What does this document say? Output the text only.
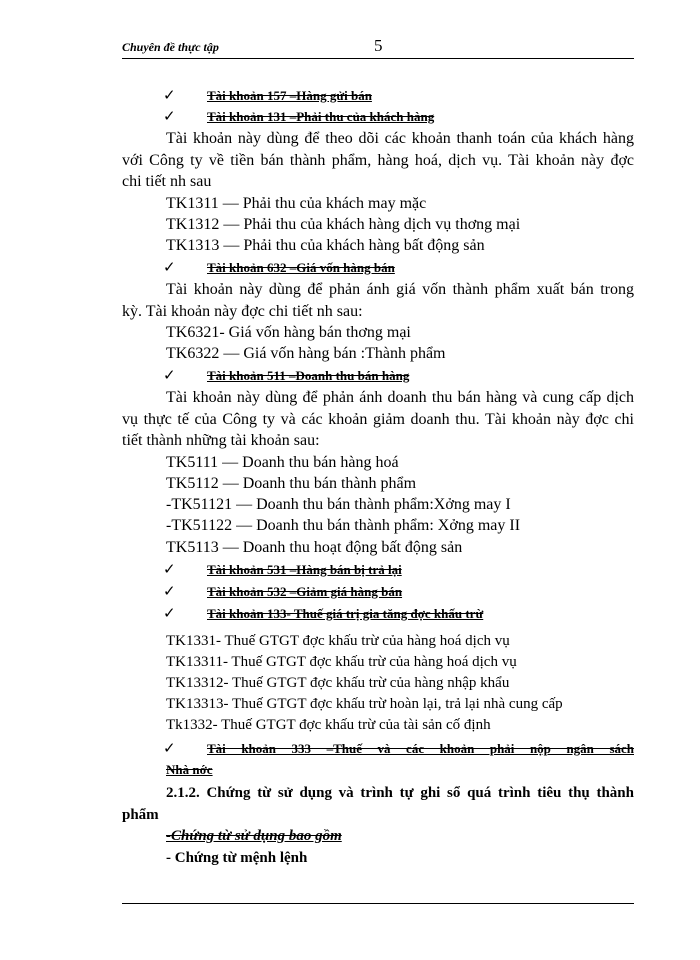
Chuyên đề thực tập	5
✓
✓
✓
✓
✓
✓
✓
✓
Tài khoản 157 –Hàng gửi bán
Tài khoản 131 –Phải thu của khách hàng
Tài khoản này dùng để theo dõi các khoản thanh toán của khách hàng
với Công ty về tiền bán thành phẩm, hàng hoá, dịch vụ. Tài khoản này đợc
chi tiết nh sau
TK1311 — Phải thu của khách may mặc
TK1312 — Phải thu của khách hàng dịch vụ thơng mại
TK1313 — Phải thu của khách hàng bất động sản
Tài khoản 632 –Giá vốn hàng bán
Tài khoản này dùng để phản ánh giá vốn thành phẩm xuất bán trong
kỳ. Tài khoản này đợc chi tiết nh sau:
TK6321- Giá vốn hàng bán thơng mại
TK6322 — Giá vốn hàng bán :Thành phẩm
Tài khoản 511 –Doanh thu bán hàng
Tài khoản này dùng để phản ánh doanh thu bán hàng và cung cấp dịch
vụ thực tế của Công ty và các khoản giảm doanh thu. Tài khoản này đợc chi
tiết thành những tài khoản sau:
TK5111 — Doanh thu bán hàng hoá
TK5112 — Doanh thu bán thành phẩm
-TK51121 — Doanh thu bán thành phẩm:Xởng may I
-TK51122 — Doanh thu bán thành phẩm: Xởng may II
TK5113 — Doanh thu hoạt động bất động sản
Tài khoản 531 –Hàng bán bị trả lại
Tài khoản 532 –Giảm giá hàng bán
Tài khoản 133- Thuế giá trị gia tăng đợc khấu trừ
TK1331- Thuế GTGT đợc khấu trừ của hàng hoá dịch vụ
TK13311- Thuế GTGT đợc khấu trừ của hàng hoá dịch vụ
TK13312- Thuế GTGT đợc khấu trừ của hàng nhập khẩu
TK13313- Thuế GTGT đợc khấu trừ hoàn lại, trả lại nhà cung cấp
Tk1332- Thuế GTGT đợc khấu trừ của tài sản cố định
Tài khoản 333 –Thuế và các khoản phải nộp ngân sách
Nhà nớc
2.1.2. Chứng từ sử dụng và trình tự ghi sổ quá trình tiêu thụ thành
phẩm
-Chứng từ sử dụng bao gồm
- Chứng từ mệnh lệnh
